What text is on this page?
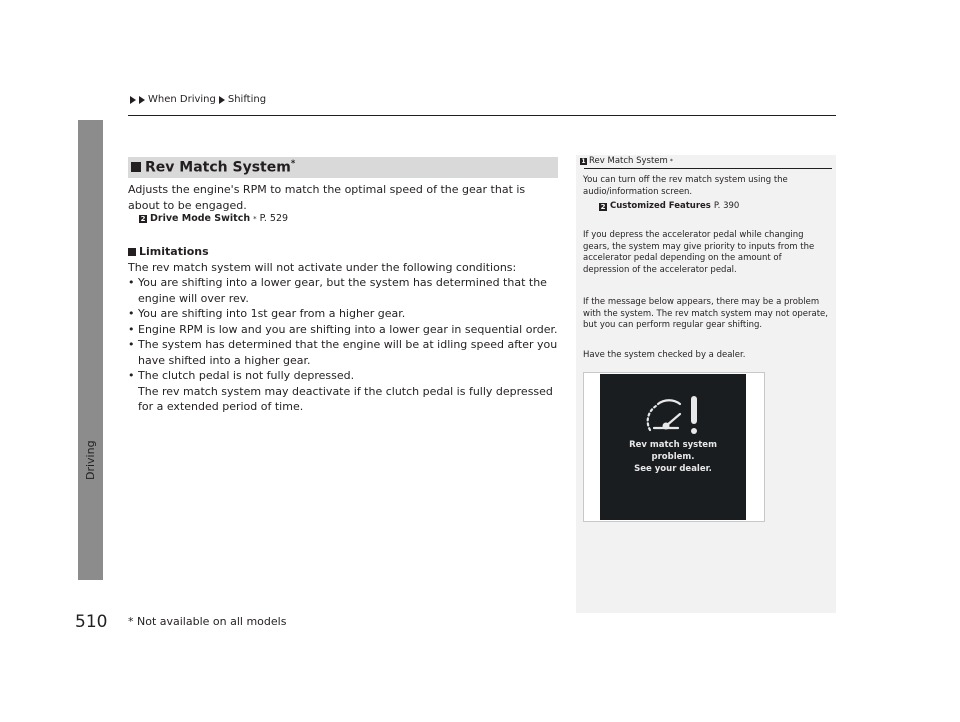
Driving
When Driving Shifting
Rev Match System*
Adjusts the engine's RPM to match the optimal speed of the gear that is about to be engaged.
2 Drive Mode Switch * P. 529
Limitations
The rev match system will not activate under the following conditions:
• You are shifting into a lower gear, but the system has determined that the engine will over rev.
• You are shifting into 1st gear from a higher gear.
• Engine RPM is low and you are shifting into a lower gear in sequential order.
• The system has determined that the engine will be at idling speed after you have shifted into a higher gear.
• The clutch pedal is not fully depressed.
The rev match system may deactivate if the clutch pedal is fully depressed for a extended period of time.
1 Rev Match System *
You can turn off the rev match system using the audio/information screen.
2 Customized Features P. 390
If you depress the accelerator pedal while changing gears, the system may give priority to inputs from the accelerator pedal depending on the amount of depression of the accelerator pedal.
If the message below appears, there may be a problem with the system. The rev match system may not operate, but you can perform regular gear shifting.
Have the system checked by a dealer.
Rev match system
problem.
See your dealer.
510 * Not available on all models
